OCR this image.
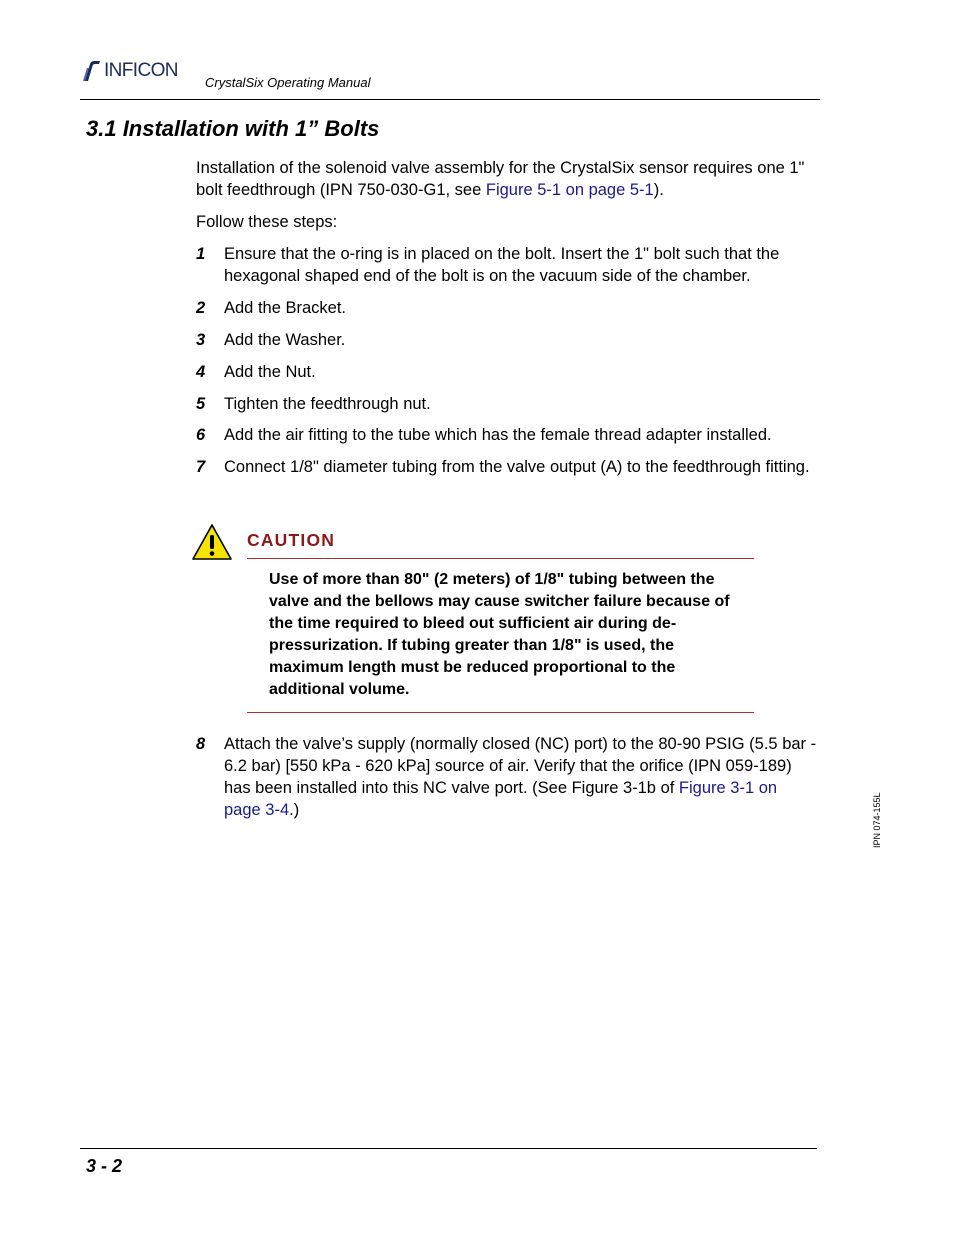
INFICON
CrystalSix Operating Manual
3.1 Installation with 1” Bolts
Installation of the solenoid valve assembly for the CrystalSix sensor requires one 1" bolt feedthrough (IPN 750-030-G1, see Figure 5-1 on page 5-1).
Follow these steps:
1	Ensure that the o-ring is in placed on the bolt. Insert the 1" bolt such that the hexagonal shaped end of the bolt is on the vacuum side of the chamber.
2	Add the Bracket.
3	Add the Washer.
4	Add the Nut.
5	Tighten the feedthrough nut.
6	Add the air fitting to the tube which has the female thread adapter installed.
7	Connect 1/8" diameter tubing from the valve output (A) to the feedthrough fitting.
CAUTION
Use of more than 80" (2 meters) of 1/8" tubing between the valve and the bellows may cause switcher failure because of the time required to bleed out sufficient air during de-pressurization. If tubing greater than 1/8" is used, the maximum length must be reduced proportional to the additional volume.
8	Attach the valve’s supply (normally closed (NC) port) to the 80-90 PSIG (5.5 bar - 6.2 bar) [550 kPa - 620 kPa] source of air. Verify that the orifice (IPN 059-189) has been installed into this NC valve port. (See Figure 3-1b of Figure 3-1 on page 3-4.)	IPN 074-155L
3 - 2
